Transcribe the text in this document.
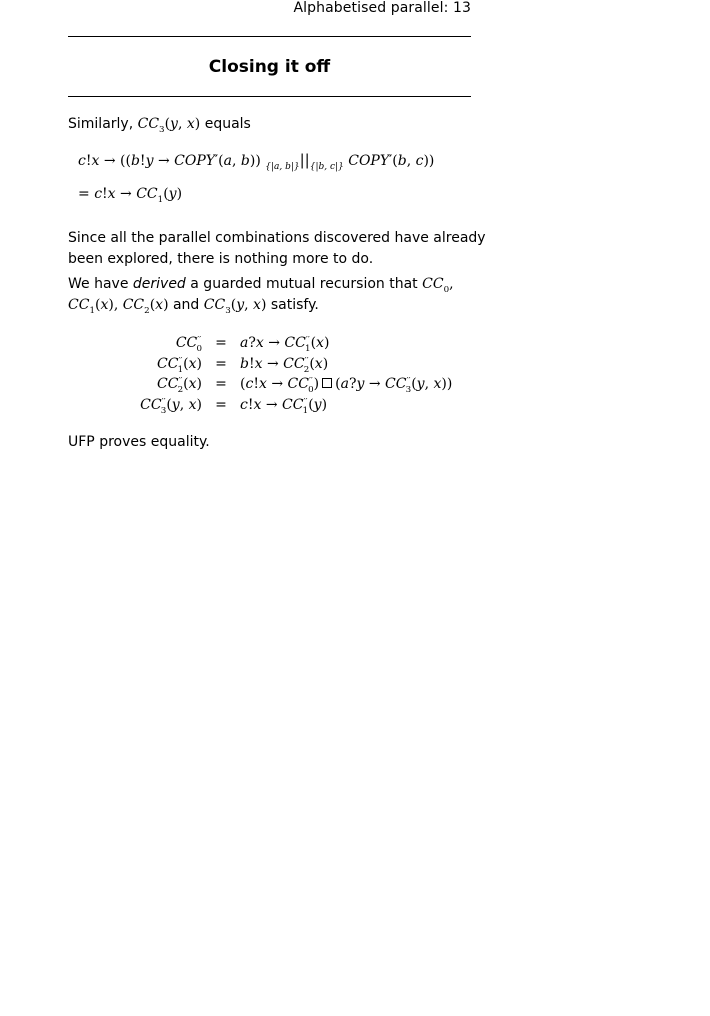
Alphabetised parallel: 13
Closing it off
Similarly, $CC_3(y$, x) equals
c!x → ((b!y → COPY′(a, b)) $_{\{|a, b|\}}||_{\{|b, c|\}}$ COPY′(b, c))
= $c!x \to CC_1(y)$
Since all the parallel combinations discovered have already
been explored, there is nothing more to do.
We have derived a guarded mutual recursion that $CC_0$,
$CC_1(x)$, $CC_2(x)$ and $CC_3(y$, x) satisfy.
$CC''_0$	=	a?x → $CC''_1(x)$
$CC''_1(x)$	=	$b!x \to CC''_2(x)$
$CC''_2(x)$	=	$(c!x \to CC''_0)$ (a?y → $CC''_3(y$, x))
$CC''_3(y$, x)	=	$c!x \to CC''_1(y)$
UFP proves equality.
